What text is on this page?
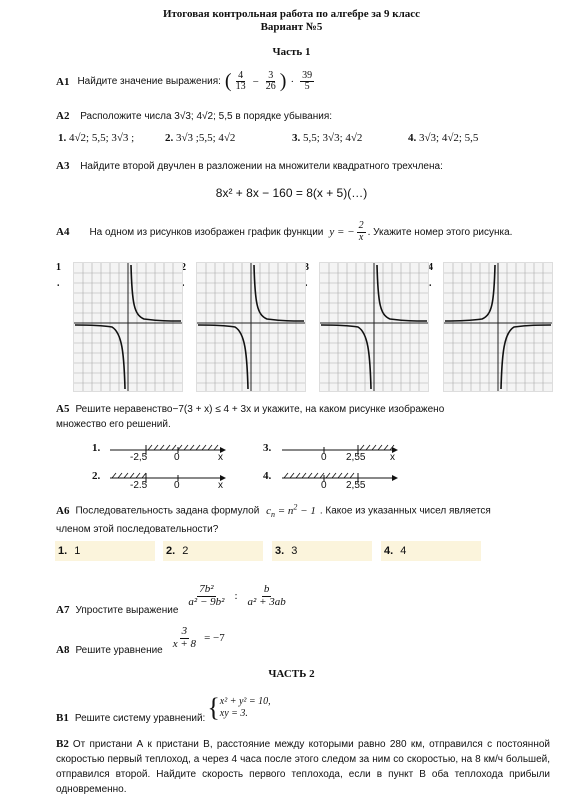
Итоговая контрольная работа по алгебре за 9 класс
Вариант №5
Часть 1
А1 Найдите значение выражения: ( $\frac{4}{13} - \frac{3}{26}$ ) · $\frac{39}{5}$
А2 Расположите числа 3√3; 4√2; 5,5 в порядке убывания:
1. 4√2; 5,5; 3√3 ;	2. 3√3 ;5,5; 4√2	3. 5,5; 3√3; 4√2	4. 3√3; 4√2; 5,5
А3 Найдите второй двучлен в разложении на множители квадратного трехчлена:
8x² + 8x − 160 = 8(x + 5)(…)
А4 На одном из рисунков изображен график функции y = − $\frac{2}{x}$ . Укажите номер этого рисунка.
1
.
2
.
3
.
4
.
А5 Решите неравенство−7(3 + x) ≤ 4 + 3x и укажите, на каком рисунке изображено множество его решений.
1.
-2,5	0	x
2.
-2.5	0	x
3.
0 2,55 x
4.
0 2,55
А6 Последовательность задана формулой $c_n = n^2 - 1$ . Какое из указанных чисел является членом этой последовательности?
1. 1	2. 2	3. 3	4. 4
А7 Упростите выражение
$\frac{\text{7b²}}{\text{a² − 9b²}}$ : $\frac{b}{\text{a² + 3ab}}$
А8 Решите уравнение
$\frac{3}{x + 8} = -7$
ЧАСТЬ 2
В1 Решите систему уравнений: { x² + y² = 10,
xy = 3.
В2 От пристани А к пристани В, расстояние между которыми равно 280 км, отправился с постоянной скоростью первый теплоход, а через 4 часа после этого следом за ним со скоростью, на 8 км/ч большей, отправился второй. Найдите скорость первого теплохода, если в пункт В оба теплохода прибыли одновременно.
